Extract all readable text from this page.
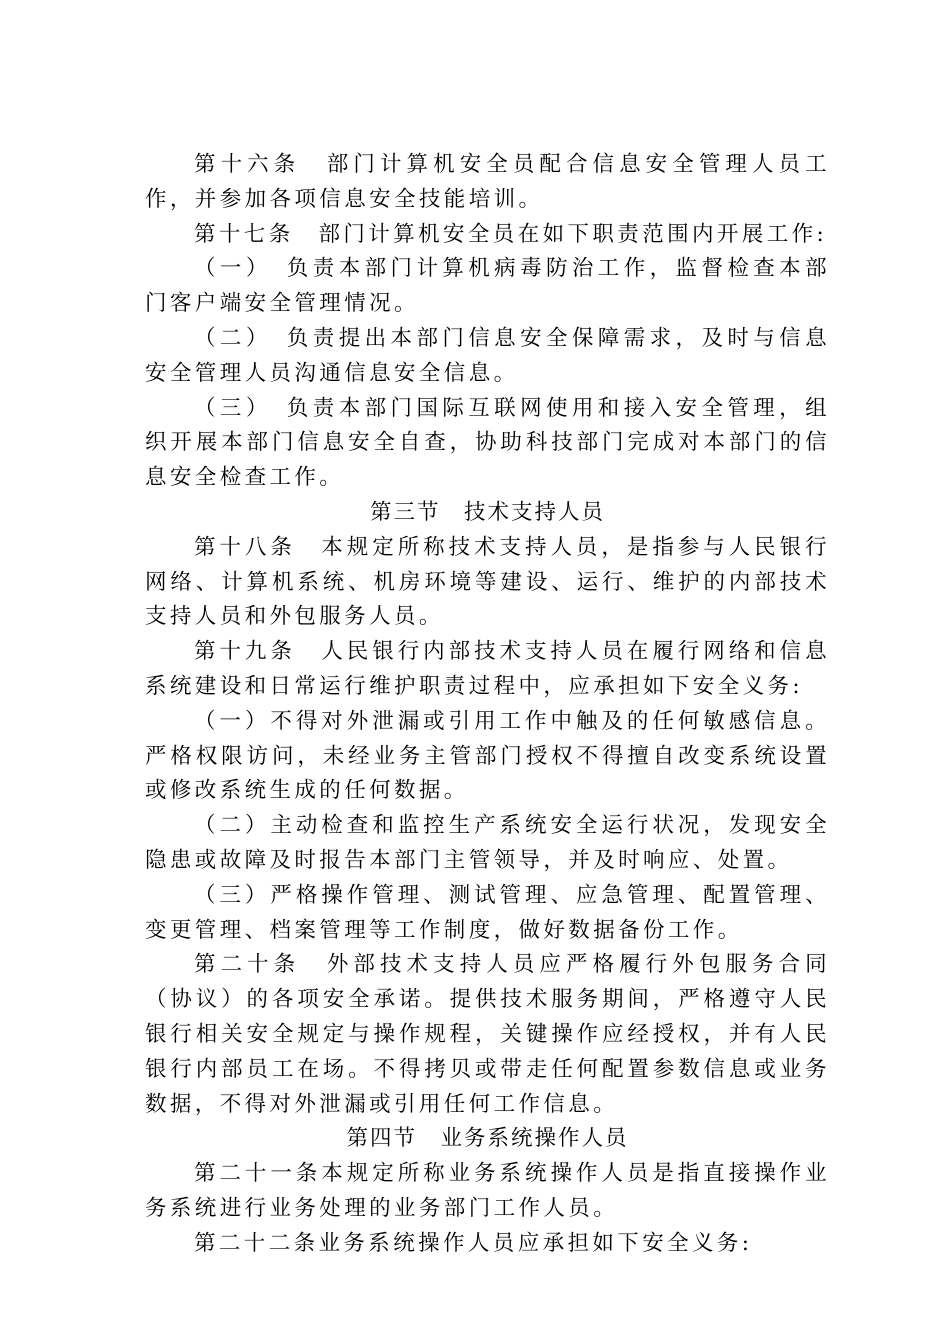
第十六条　部门计算机安全员配合信息安全管理人员工作，并参加各项信息安全技能培训。

第十七条　部门计算机安全员在如下职责范围内开展工作:

（一）　负责本部门计算机病毒防治工作，监督检查本部门客户端安全管理情况。

（二）　负责提出本部门信息安全保障需求，及时与信息安全管理人员沟通信息安全信息。

（三）　负责本部门国际互联网使用和接入安全管理，组织开展本部门信息安全自查，协助科技部门完成对本部门的信息安全检查工作。

第三节　技术支持人员

第十八条　本规定所称技术支持人员，是指参与人民银行网络、计算机系统、机房环境等建设、运行、维护的内部技术支持人员和外包服务人员。

第十九条　人民银行内部技术支持人员在履行网络和信息系统建设和日常运行维护职责过程中，应承担如下安全义务:

（一）不得对外泄漏或引用工作中触及的任何敏感信息。严格权限访问，未经业务主管部门授权不得擅自改变系统设置或修改系统生成的任何数据。

（二）主动检查和监控生产系统安全运行状况，发现安全隐患或故障及时报告本部门主管领导，并及时响应、处置。

（三）严格操作管理、测试管理、应急管理、配置管理、变更管理、档案管理等工作制度，做好数据备份工作。

第二十条　外部技术支持人员应严格履行外包服务合同（协议）的各项安全承诺。提供技术服务期间，严格遵守人民银行相关安全规定与操作规程，关键操作应经授权，并有人民银行内部员工在场。不得拷贝或带走任何配置参数信息或业务数据，不得对外泄漏或引用任何工作信息。

第四节　业务系统操作人员

第二十一条本规定所称业务系统操作人员是指直接操作业务系统进行业务处理的业务部门工作人员。

第二十二条业务系统操作人员应承担如下安全义务:
